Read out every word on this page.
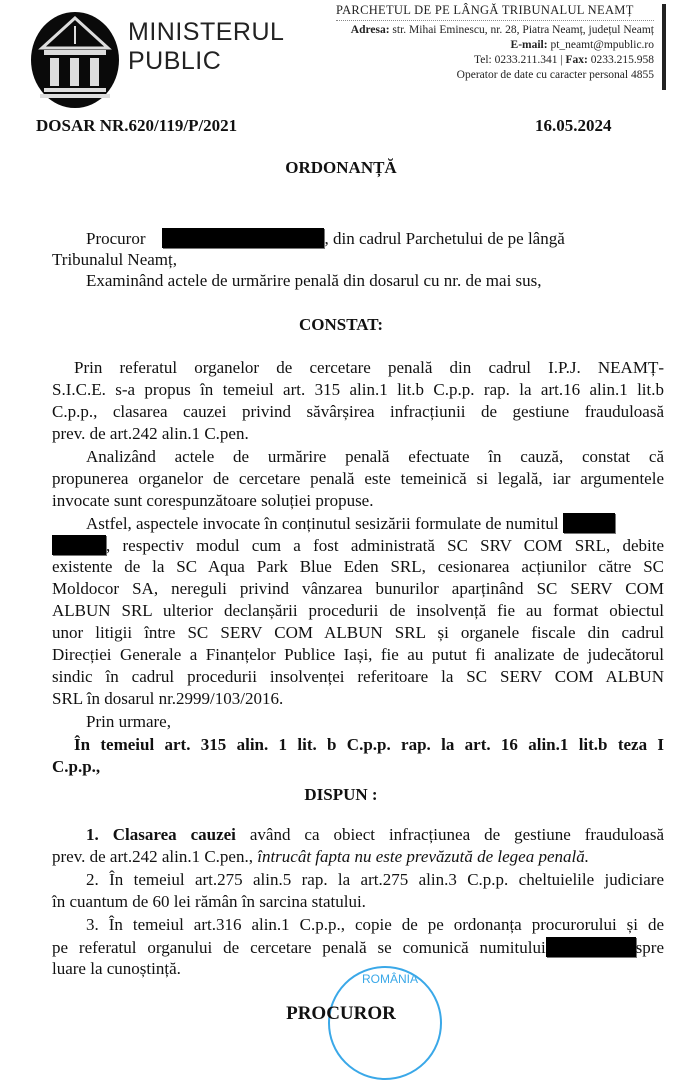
MINISTERUL
PUBLIC
PARCHETUL DE PE LÂNGĂ TRIBUNALUL NEAMȚ
Adresa: str. Mihai Eminescu, nr. 28, Piatra Neamț, județul Neamț
E-mail: pt_neamt@mpublic.ro
Tel: 0233.211.341 | Fax: 0233.215.958
Operator de date cu caracter personal 4855
DOSAR NR.620/119/P/2021	16.05.2024
ORDONANȚĂ
Procuror	, din cadrul Parchetului de pe lângă
Tribunalul Neamț,
Examinând actele de urmărire penală din dosarul cu nr. de mai sus,
CONSTAT:
Prin referatul organelor de cercetare penală din cadrul I.P.J. NEAMȚ-
S.I.C.E. s-a propus în temeiul art. 315 alin.1 lit.b C.p.p. rap. la art.16 alin.1 lit.b
C.p.p., clasarea cauzei privind săvârșirea infracțiunii de gestiune frauduloasă
prev. de art.242 alin.1 C.pen.
Analizând actele de urmărire penală efectuate în cauză, constat că
propunerea organelor de cercetare penală este temeinică si legală, iar argumentele
invocate sunt corespunzătoare soluției propuse.
Astfel, aspectele invocate în conținutul sesizării formulate de numitul
, respectiv modul cum a fost administrată SC SRV COM SRL, debite
existente de la SC Aqua Park Blue Eden SRL, cesionarea acțiunilor către SC
Moldocor SA, nereguli privind vânzarea bunurilor aparținând SC SERV COM
ALBUN SRL ulterior declanșării procedurii de insolvență fie au format obiectul
unor litigii între SC SERV COM ALBUN SRL și organele fiscale din cadrul
Direcției Generale a Finanțelor Publice Iași, fie au putut fi analizate de judecătorul
sindic în cadrul procedurii insolvenței referitoare la SC SERV COM ALBUN
SRL în dosarul nr.2999/103/2016.
Prin urmare,
În temeiul art. 315 alin. 1 lit. b C.p.p. rap. la art. 16 alin.1 lit.b teza I
C.p.p.,
DISPUN :
1. Clasarea cauzei având ca obiect infracțiunea de gestiune frauduloasă
prev. de art.242 alin.1 C.pen., întrucât fapta nu este prevăzută de legea penală.
2. În temeiul art.275 alin.5 rap. la art.275 alin.3 C.p.p. cheltuielile judiciare
în cuantum de 60 lei rămân în sarcina statului.
3. În temeiul art.316 alin.1 C.p.p., copie de pe ordonanța procurorului și de
pe referatul organului de cercetare penală se comunică numitului	spre
luare la cunoștință.
ROMÂNIA
PROCUROR
